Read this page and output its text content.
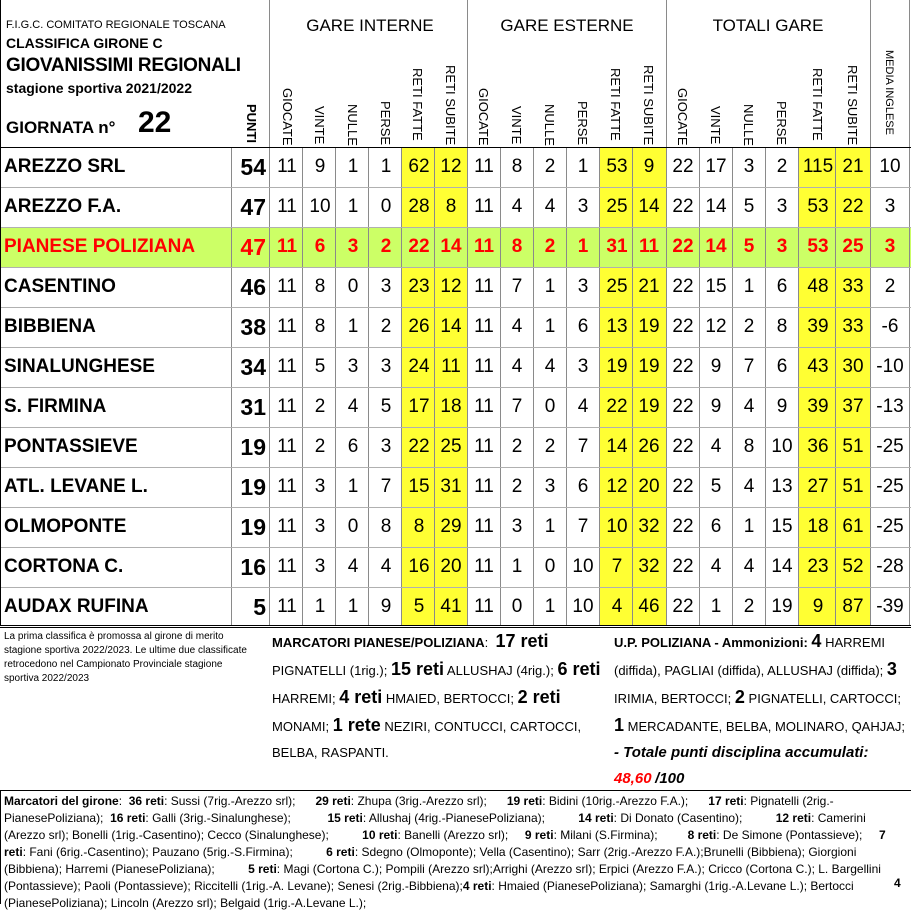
F.I.G.C. COMITATO REGIONALE TOSCANA
CLASSIFICA GIRONE C
GIOVANISSIMI REGIONALI
stagione sportiva 2021/2022
GIORNATA n° 22	PUNTI
GARE INTERNE	GARE ESTERNE	TOTALI GARE
MEDIA INGLESE
GIOCATE VINTE NULLE PERSE RETI FATTE RETI SUBITE GIOCATE VINTE NULLE PERSE RETI FATTE RETI SUBITE GIOCATE VINTE NULLE PERSE RETI FATTE RETI SUBITE
AREZZO SRL	54 11 9	1	1 62 12 11 8	2	1 53 9 22 17 3	2 115 21 10
AREZZO F.A.	47 11 10 1	0 28 8 11 4	4	3 25 14 22 14 5	3	53 22	3
PIANESE POLIZIANA	47 11 6	3	2 22 14 11 8	2	1 31 11 22 14 5	3	53 25	3
CASENTINO	46 11 8	0	3 23 12 11 7	1	3 25 21 22 15 1	6	48 33	2
BIBBIENA	38 11 8	1	2 26 14 11 4	1	6 13 19 22 12 2	8	39 33 -6
SINALUNGHESE	34 11 5	3	3 24 11 11 4	4	3 19 19 22 9	7	6	43 30 -10
S. FIRMINA	31 11 2	4	5 17 18 11 7	0	4 22 19 22 9	4	9	39 37 -13
PONTASSIEVE	19 11 2	6	3 22 25 11 2	2	7 14 26 22 4	8 10 36 51 -25
ATL. LEVANE L.	19 11 3	1	7 15 31 11 2	3	6 12 20 22 5	4 13 27 51 -25
OLMOPONTE	19 11 3	0	8	8 29 11 3	1	7 10 32 22 6	1 15 18 61 -25
CORTONA C.	16 11 3	4	4 16 20 11 1	0 10 7 32 22 4	4 14 23 52 -28
AUDAX RUFINA	5 11 1	1	9	5 41 11 0	1 10 4 46 22 1	2 19	9	87 -39
La prima classifica è promossa al girone di merito stagione sportiva 2022/2023. Le ultime due classificate retrocedono nel Campionato Provinciale stagione sportiva 2022/2023
MARCATORI PIANESE/POLIZIANA:  17 reti PIGNATELLI (1rig.); 15 reti ALLUSHAJ (4rig.); 6 reti HARREMI; 4 reti HMAIED, BERTOCCI; 2 reti MONAMI; 1 rete NEZIRI, CONTUCCI, CARTOCCI, BELBA, RASPANTI.
U.P. POLIZIANA - Ammonizioni: 4 HARREMI (diffida), PAGLIAI (diffida), ALLUSHAJ (diffida); 3 IRIMIA, BERTOCCI; 2 PIGNATELLI, CARTOCCI; 1 MERCADANTE, BELBA, MOLINARO, QAHJAJ; - Totale punti disciplina accumulati: 48,60 /100
Marcatori del girone:  36 reti: Sussi (7rig.-Arezzo srl);      29 reti: Zhupa (3rig.-Arezzo srl);      19 reti: Bidini (10rig.-Arezzo F.A.);      17 reti: Pignatelli (2rig.-PianesePoliziana);  16 reti: Galli (3rig.-Sinalunghese);           15 reti: Allushaj (4rig.-PianesePoliziana);          14 reti: Di Donato (Casentino);          12 reti: Camerini (Arezzo srl); Bonelli (1rig.-Casentino); Cecco (Sinalunghese);          10 reti: Banelli (Arezzo srl);     9 reti: Milani (S.Firmina);         8 reti: De Simone (Pontassieve);     7 reti: Fani (6rig.-Casentino); Pauzano (5rig.-S.Firmina);          6 reti: Sdegno (Olmoponte); Vella (Casentino); Sarr (2rig.-Arezzo F.A.);Brunelli (Bibbiena); Giorgioni (Bibbiena); Harremi (PianesePoliziana);          5 reti: Magi (Cortona C.); Pompili (Arezzo srl);Arrighi (Arezzo srl); Erpici (Arezzo F.A.); Cricco (Cortona C.); L. Bargellini (Pontassieve); Paoli (Pontassieve); Riccitelli (1rig.-A. Levane); Senesi (2rig.-Bibbiena);4 reti: Hmaied (PianesePoliziana); Samarghi (1rig.-A.Levane L.); Bertocci (PianesePoliziana); Lincoln (Arezzo srl); Belgaid (1rig.-A.Levane L.);
4
